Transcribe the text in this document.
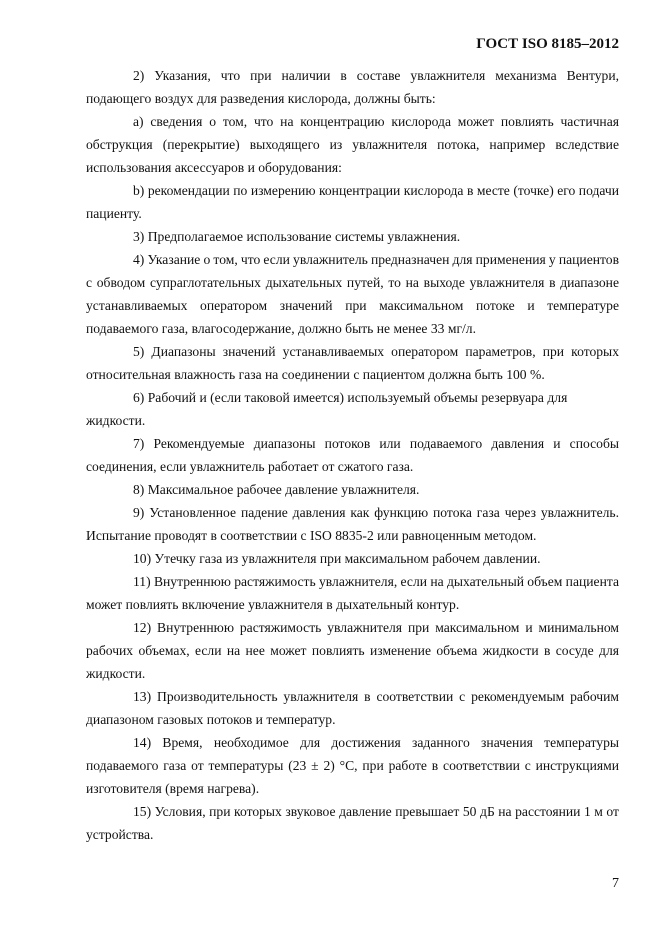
ГОСТ ISO 8185–2012
2) Указания, что при наличии в составе увлажнителя механизма Вентури,
подающего воздух для разведения кислорода, должны быть:
a) сведения о том, что на концентрацию кислорода может повлиять частичная
обструкция (перекрытие) выходящего из увлажнителя потока, например вследствие
использования аксессуаров и оборудования:
b) рекомендации по измерению концентрации кислорода в месте (точке) его подачи
пациенту.
3) Предполагаемое использование системы увлажнения.
4) Указание о том, что если увлажнитель предназначен для применения у пациентов
с обводом супраглотательных дыхательных путей, то на выходе увлажнителя в диапазоне
устанавливаемых оператором значений при максимальном потоке и температуре
подаваемого газа, влагосодержание, должно быть не менее 33 мг/л.
5) Диапазоны значений устанавливаемых оператором параметров, при которых
относительная влажность газа на соединении с пациентом должна быть 100 %.
6) Рабочий и (если таковой имеется) используемый объемы резервуара для
жидкости.
7) Рекомендуемые диапазоны потоков или подаваемого давления и способы
соединения, если увлажнитель работает от сжатого газа.
8) Максимальное рабочее давление увлажнителя.
9) Установленное падение давления как функцию потока газа через увлажнитель.
Испытание проводят в соответствии с ISO 8835-2 или равноценным методом.
10) Утечку газа из увлажнителя при максимальном рабочем давлении.
11) Внутреннюю растяжимость увлажнителя, если на дыхательный объем пациента
может повлиять включение увлажнителя в дыхательный контур.
12) Внутреннюю растяжимость увлажнителя при максимальном и минимальном
рабочих объемах, если на нее может повлиять изменение объема жидкости в сосуде для
жидкости.
13) Производительность увлажнителя в соответствии с рекомендуемым рабочим
диапазоном газовых потоков и температур.
14) Время, необходимое для достижения заданного значения температуры
подаваемого газа от температуры (23 ± 2) °C, при работе в соответствии с инструкциями
изготовителя (время нагрева).
15) Условия, при которых звуковое давление превышает 50 дБ на расстоянии 1 м от
устройства.
7
